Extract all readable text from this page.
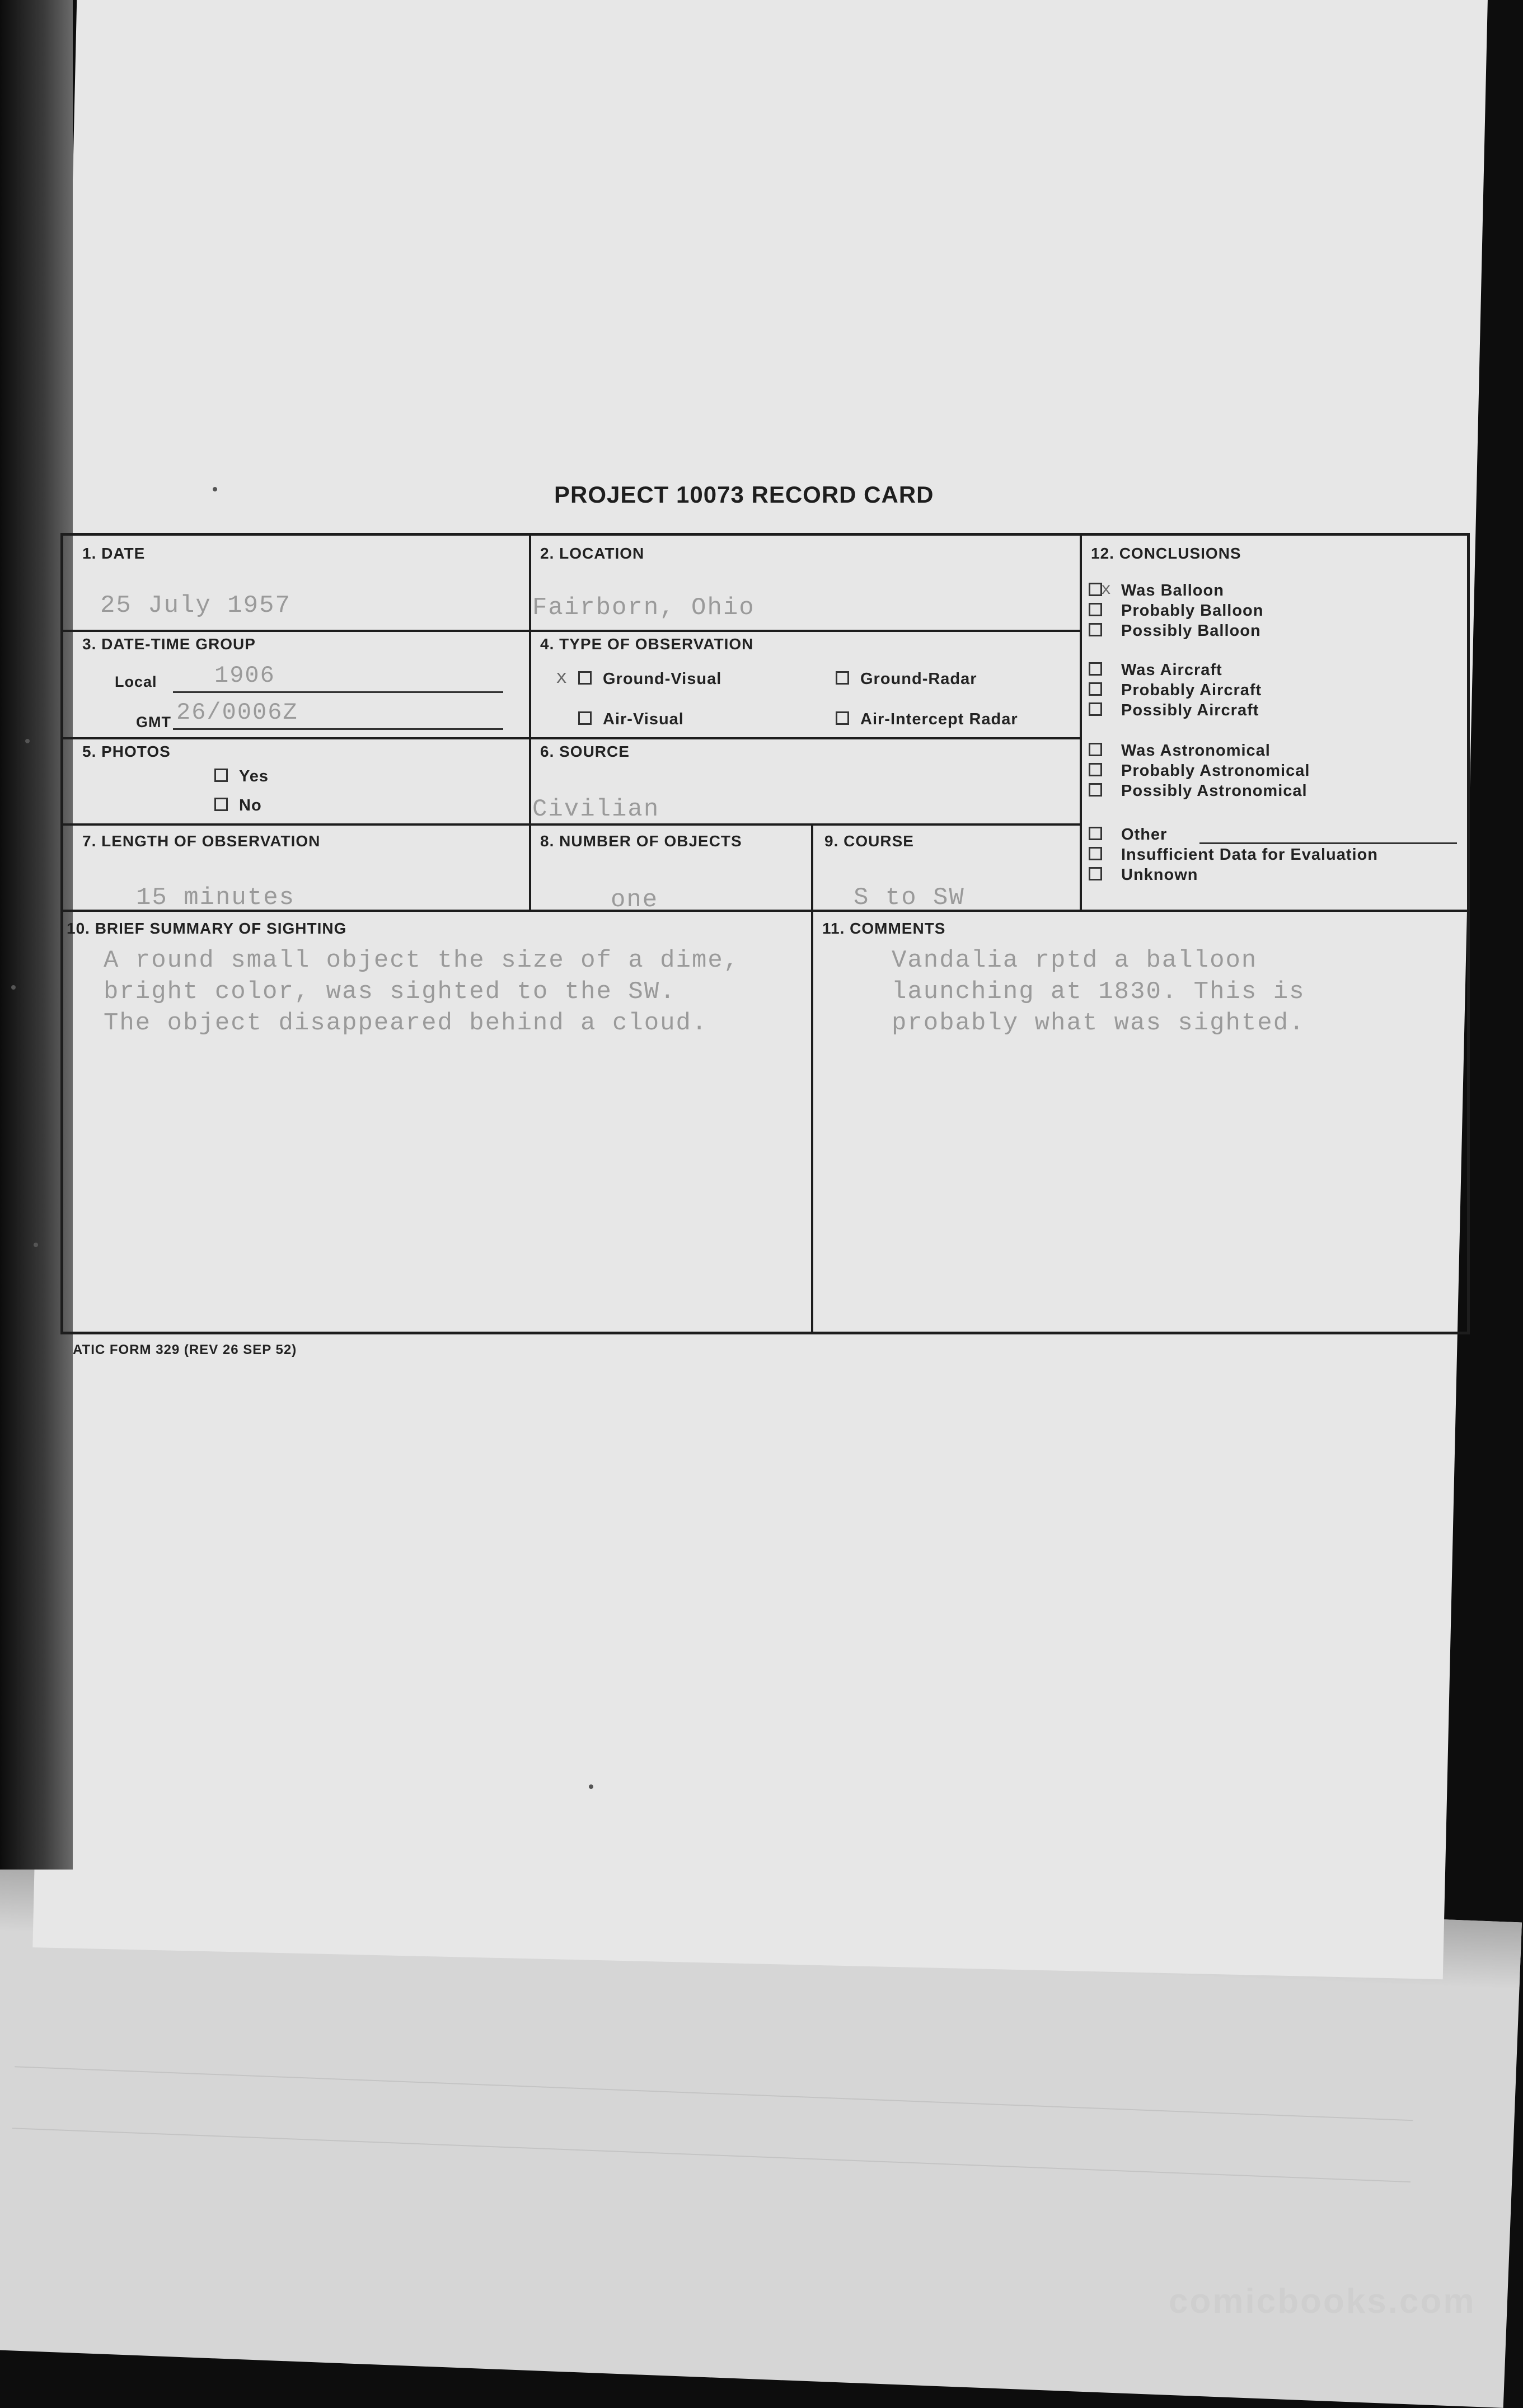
PROJECT 10073 RECORD CARD
1. DATE
25 July 1957
2. LOCATION
Fairborn, Ohio
3. DATE-TIME GROUP
Local 1906
GMT 26/0006Z
4. TYPE OF OBSERVATION
x	Ground-Visual	Ground-Radar
Air-Visual	Air-Intercept Radar
5. PHOTOS
Yes
No
6. SOURCE
Civilian
7. LENGTH OF OBSERVATION
15 minutes
8. NUMBER OF OBJECTS
one
9. COURSE
S to SW
12. CONCLUSIONS
x Was Balloon
Probably Balloon
Possibly Balloon
Was Aircraft
Probably Aircraft
Possibly Aircraft
Was Astronomical
Probably Astronomical
Possibly Astronomical
Other
Insufficient Data for Evaluation
Unknown
10. BRIEF SUMMARY OF SIGHTING
A round small object the size of a dime,
bright color, was sighted to the SW.
The object disappeared behind a cloud.
11. COMMENTS
Vandalia rptd a balloon
launching at 1830. This is
probably what was sighted.
ATIC FORM 329 (REV 26 SEP 52)
comicbooks.com
